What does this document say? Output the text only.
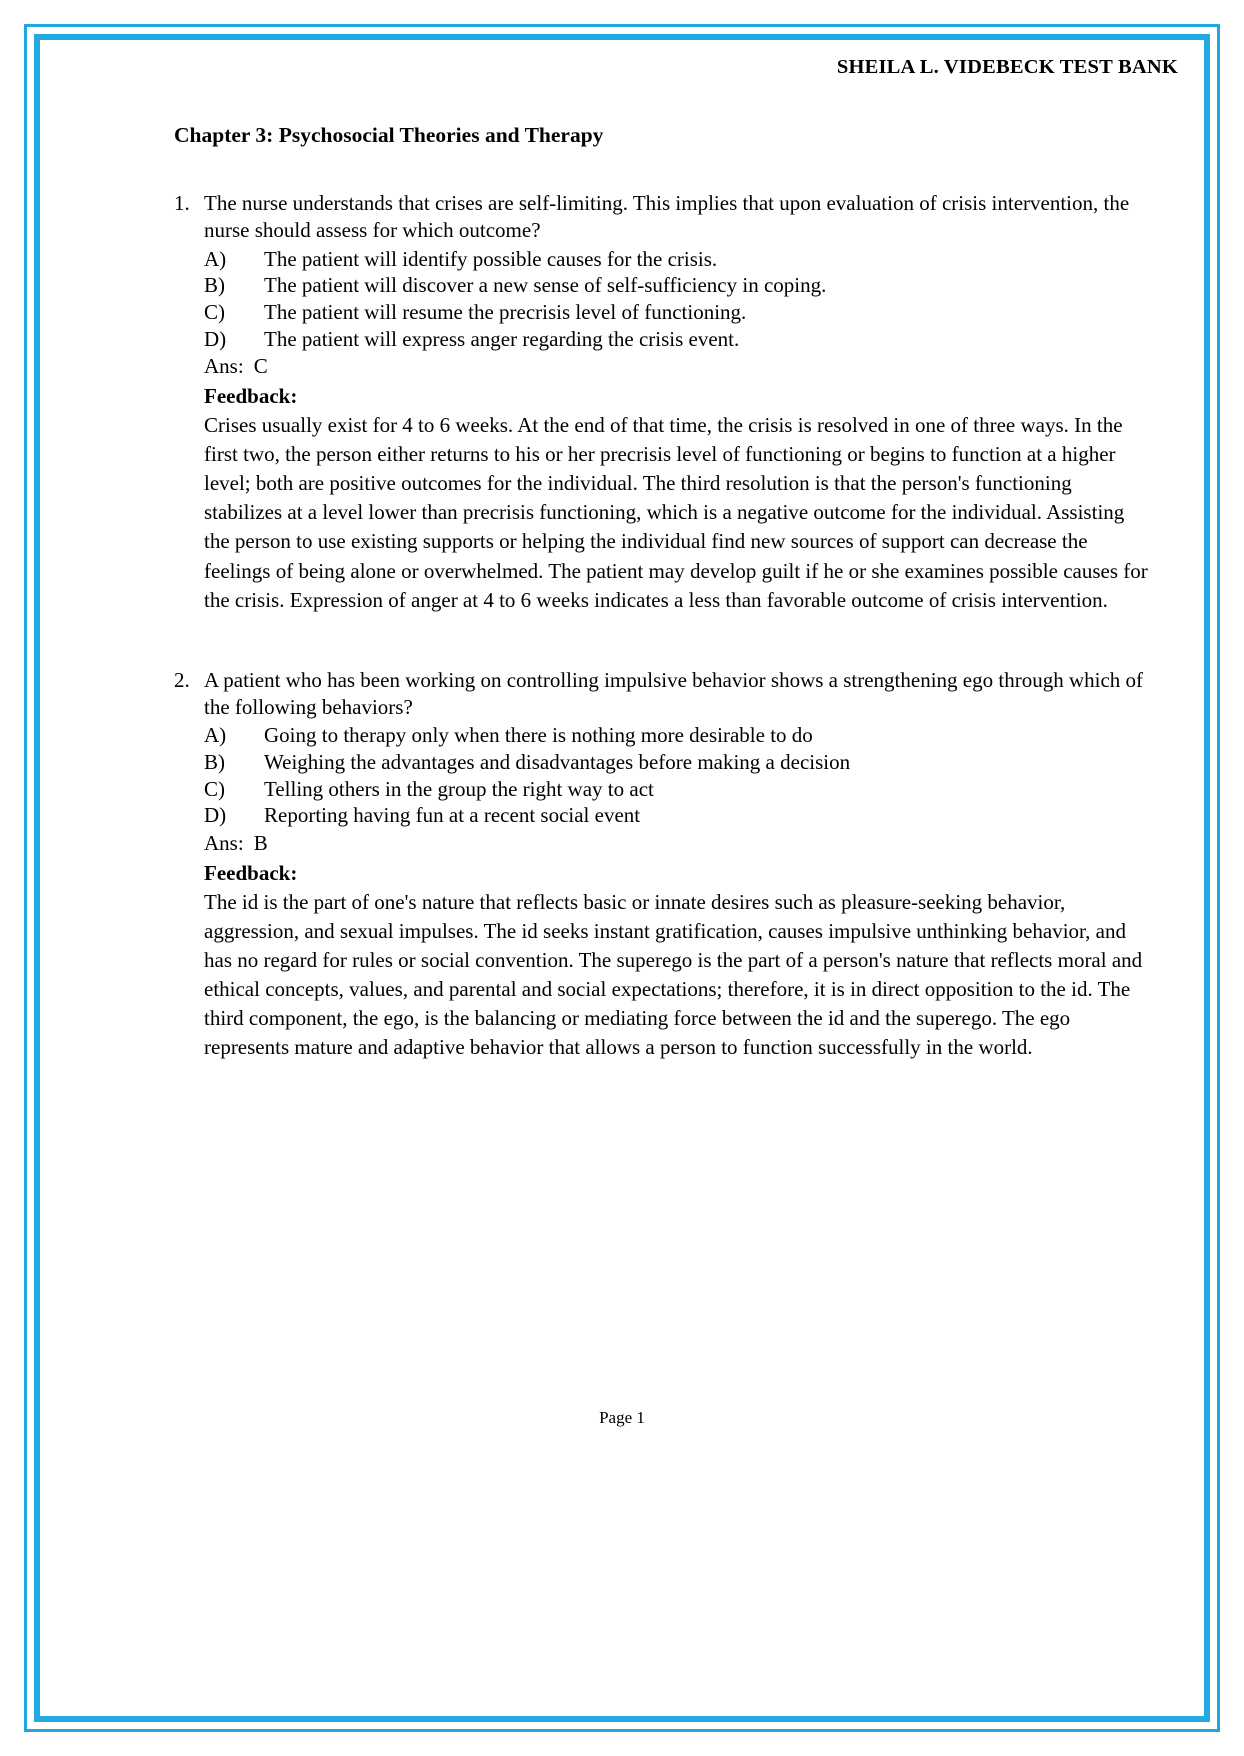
SHEILA L. VIDEBECK TEST BANK
Chapter 3: Psychosocial Theories and Therapy
1. The nurse understands that crises are self-limiting. This implies that upon evaluation of crisis intervention, the nurse should assess for which outcome?
A)	The patient will identify possible causes for the crisis.
B)	The patient will discover a new sense of self-sufficiency in coping.
C)	The patient will resume the precrisis level of functioning.
D)	The patient will express anger regarding the crisis event.
Ans: C
Feedback:
Crises usually exist for 4 to 6 weeks. At the end of that time, the crisis is resolved in one of three ways. In the first two, the person either returns to his or her precrisis level of functioning or begins to function at a higher level; both are positive outcomes for the individual. The third resolution is that the person's functioning stabilizes at a level lower than precrisis functioning, which is a negative outcome for the individual. Assisting the person to use existing supports or helping the individual find new sources of support can decrease the feelings of being alone or overwhelmed. The patient may develop guilt if he or she examines possible causes for the crisis. Expression of anger at 4 to 6 weeks indicates a less than favorable outcome of crisis intervention.
2. A patient who has been working on controlling impulsive behavior shows a strengthening ego through which of the following behaviors?
A)	Going to therapy only when there is nothing more desirable to do
B)	Weighing the advantages and disadvantages before making a decision
C)	Telling others in the group the right way to act
D)	Reporting having fun at a recent social event
Ans: B
Feedback:
The id is the part of one's nature that reflects basic or innate desires such as pleasure-seeking behavior, aggression, and sexual impulses. The id seeks instant gratification, causes impulsive unthinking behavior, and has no regard for rules or social convention. The superego is the part of a person's nature that reflects moral and ethical concepts, values, and parental and social expectations; therefore, it is in direct opposition to the id. The third component, the ego, is the balancing or mediating force between the id and the superego. The ego represents mature and adaptive behavior that allows a person to function successfully in the world.
Page 1
